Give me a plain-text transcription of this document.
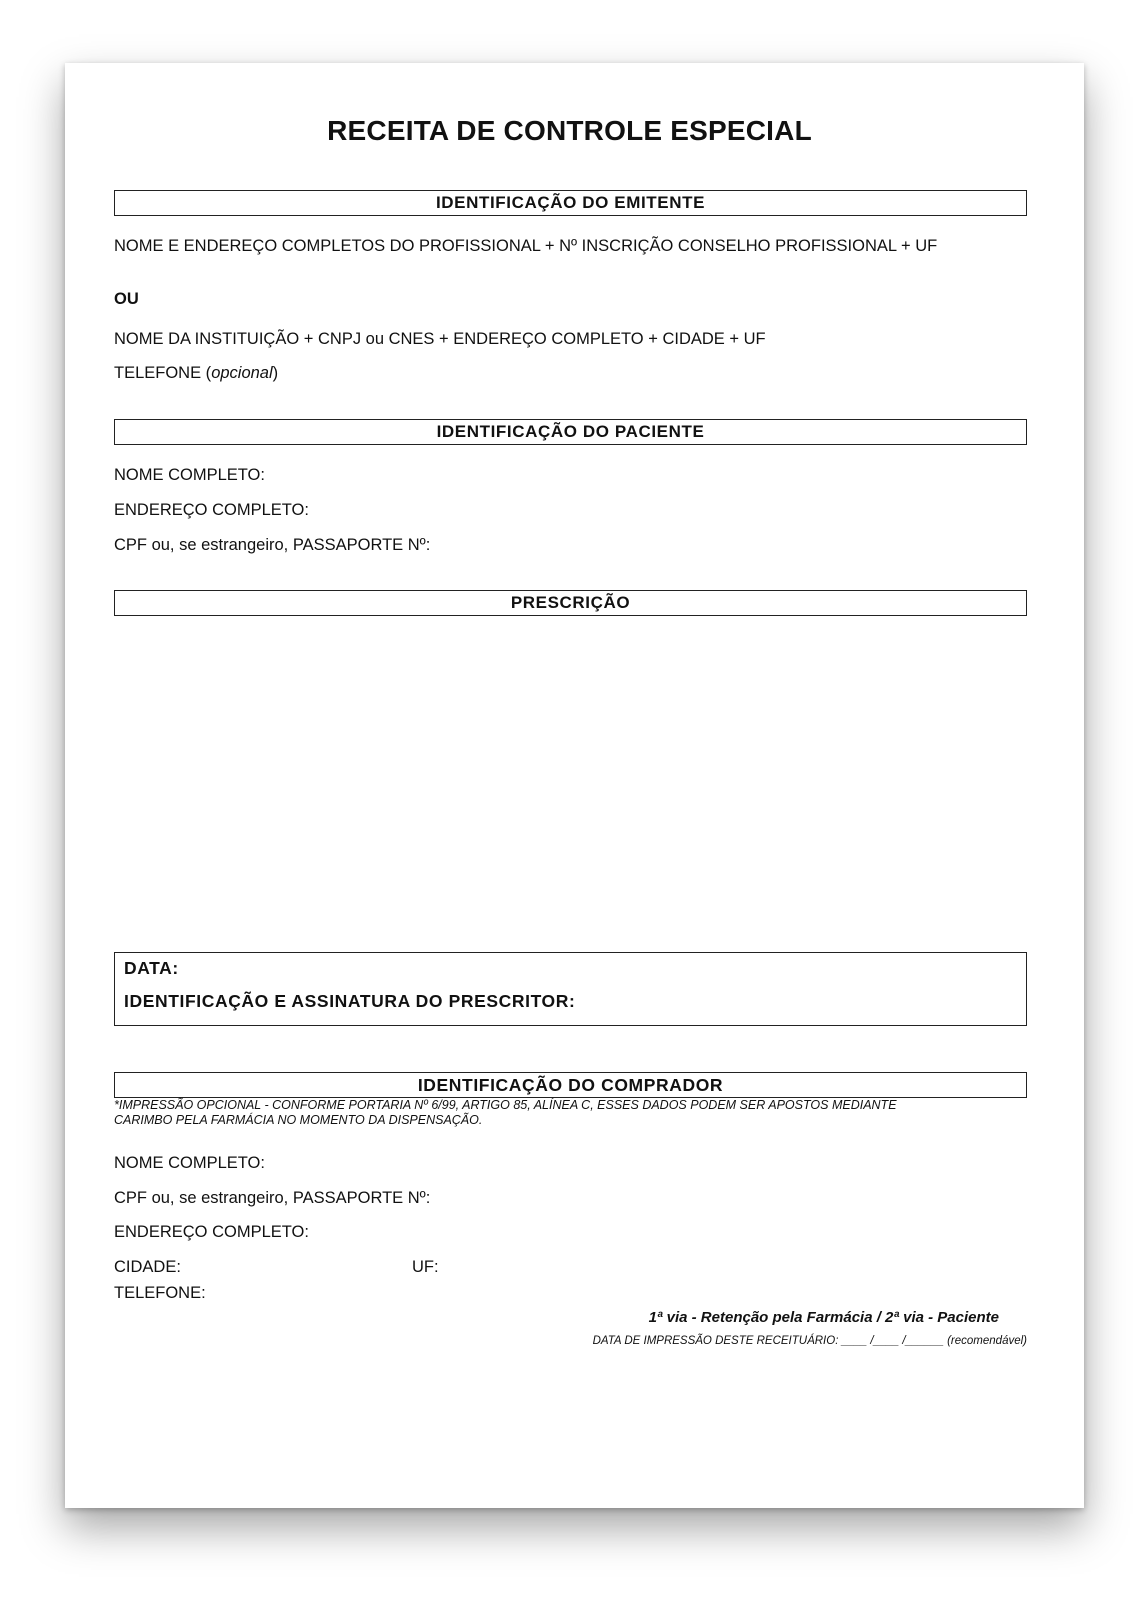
RECEITA DE CONTROLE ESPECIAL
IDENTIFICAÇÃO DO EMITENTE
NOME E ENDEREÇO COMPLETOS DO PROFISSIONAL + Nº INSCRIÇÃO CONSELHO PROFISSIONAL + UF
OU
NOME DA INSTITUIÇÃO + CNPJ ou CNES + ENDEREÇO COMPLETO + CIDADE + UF
TELEFONE (opcional)
IDENTIFICAÇÃO DO PACIENTE
NOME COMPLETO:
ENDEREÇO COMPLETO:
CPF ou, se estrangeiro, PASSAPORTE Nº:
PRESCRIÇÃO
DATA:
IDENTIFICAÇÃO E ASSINATURA DO PRESCRITOR:
IDENTIFICAÇÃO DO COMPRADOR
*IMPRESSÃO OPCIONAL - CONFORME PORTARIA Nº 6/99, ARTIGO 85, ALÍNEA C, ESSES DADOS PODEM SER APOSTOS MEDIANTE
CARIMBO PELA FARMÁCIA NO MOMENTO DA DISPENSAÇÃO.
NOME COMPLETO:
CPF ou, se estrangeiro, PASSAPORTE Nº:
ENDEREÇO COMPLETO:
CIDADE:	UF:
TELEFONE:
1ª via - Retenção pela Farmácia / 2ª via - Paciente
DATA DE IMPRESSÃO DESTE RECEITUÁRIO: ____ /____ /______ (recomendável)
